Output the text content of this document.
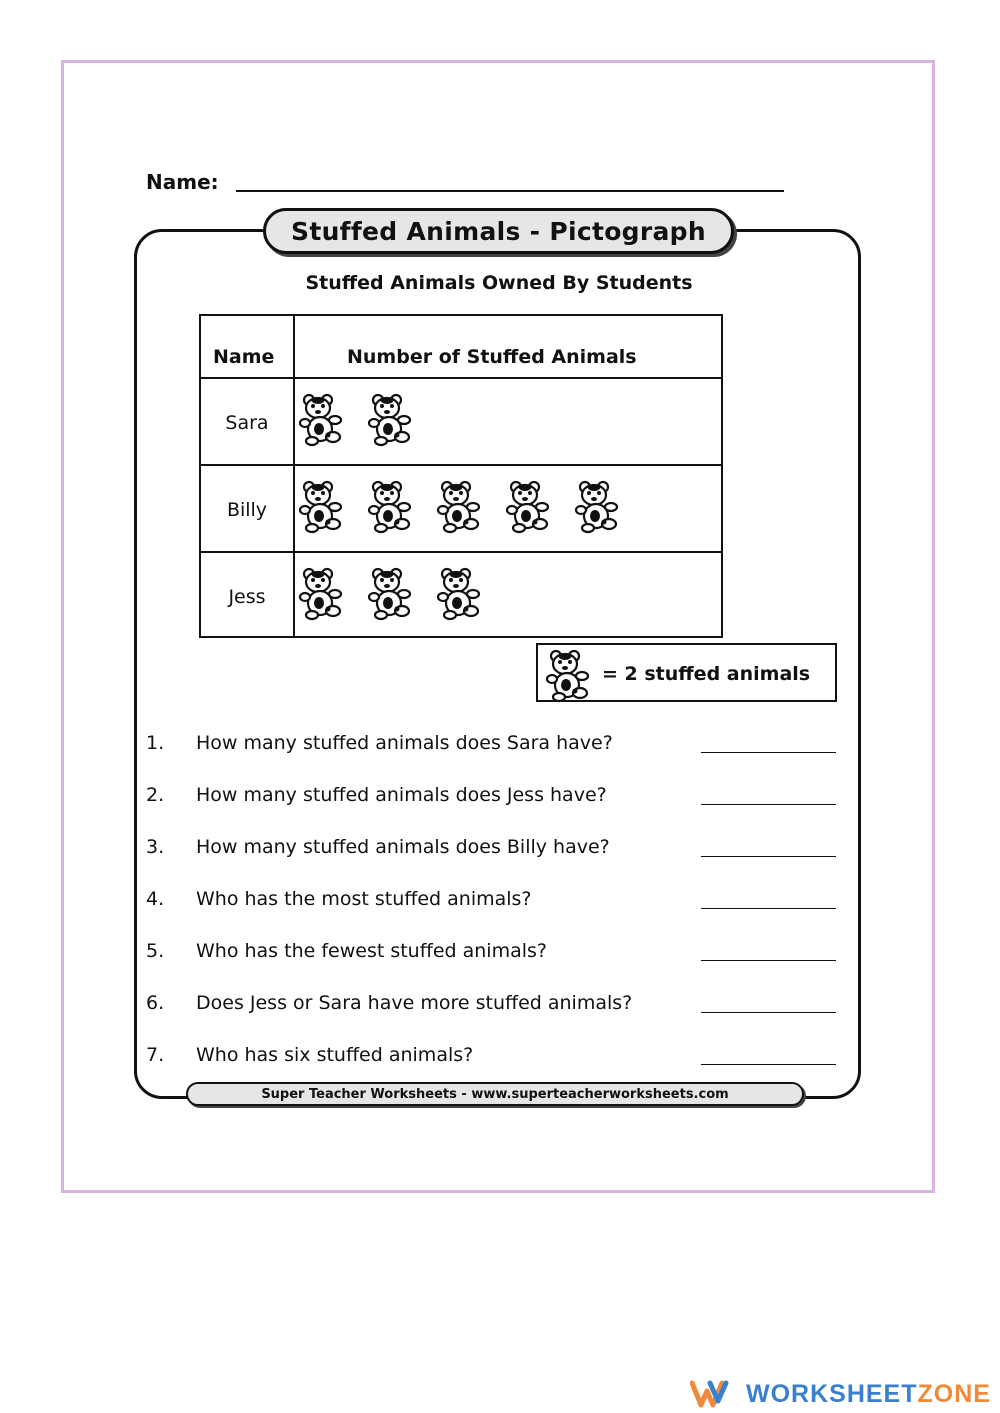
Name:
Stuffed Animals - Pictograph
Stuffed Animals Owned By Students
Name	Number of Stuffed Animals
Sara
Billy
Jess
= 2 stuffed animals
1. How many stuffed animals does Sara have?
2. How many stuffed animals does Jess have?
3. How many stuffed animals does Billy have?
4. Who has the most stuffed animals?
5. Who has the fewest stuffed animals?
6. Does Jess or Sara have more stuffed animals?
7. Who has six stuffed animals?
Super Teacher Worksheets - www.superteacherworksheets.com
WORKSHEETZONE
